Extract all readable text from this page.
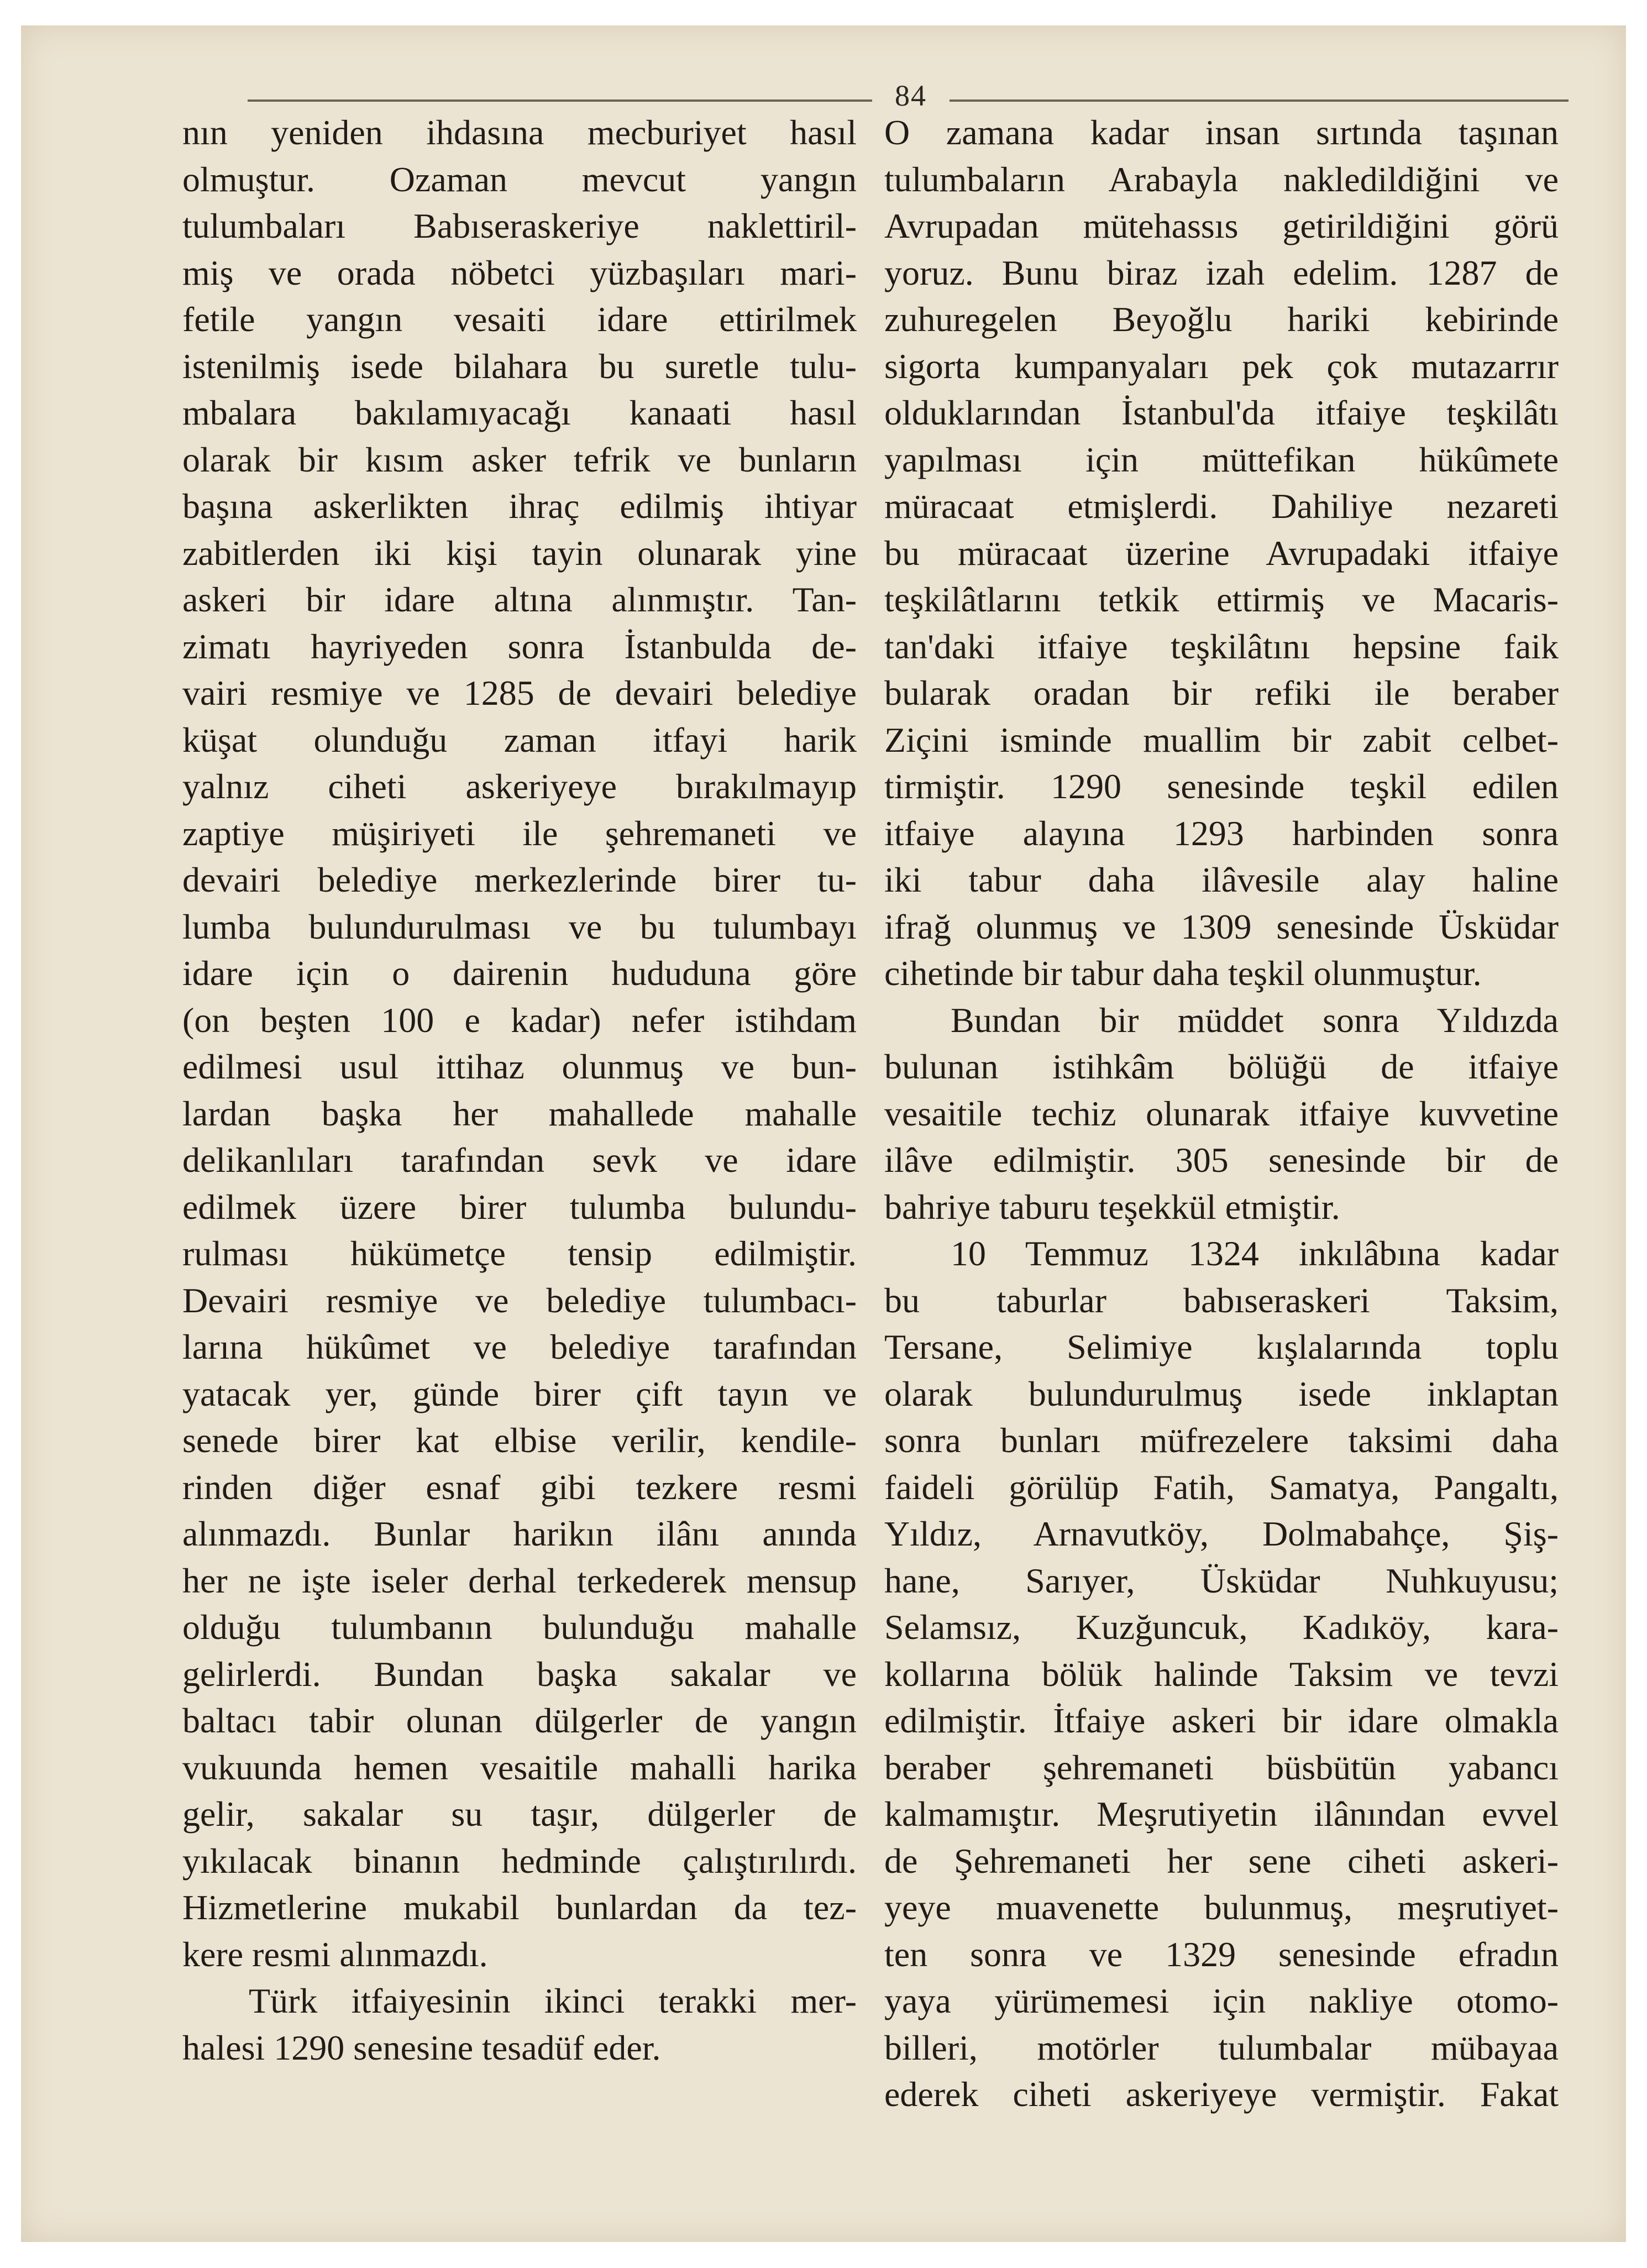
84
nın yeniden ihdasına mecburiyet hasıl
olmuştur. Ozaman mevcut yangın
tulumbaları Babıseraskeriye naklettiril-
miş ve orada nöbetci yüzbaşıları mari-
fetile yangın vesaiti idare ettirilmek
istenilmiş isede bilahara bu suretle tulu-
mbalara bakılamıyacağı kanaati hasıl
olarak bir kısım asker tefrik ve bunların
başına askerlikten ihraç edilmiş ihtiyar
zabitlerden iki kişi tayin olunarak yine
askeri bir idare altına alınmıştır. Tan-
zimatı hayriyeden sonra İstanbulda de-
vairi resmiye ve 1285 de devairi belediye
küşat olunduğu zaman itfayi harik
yalnız ciheti askeriyeye bırakılmayıp
zaptiye müşiriyeti ile şehremaneti ve
devairi belediye merkezlerinde birer tu-
lumba bulundurulması ve bu tulumbayı
idare için o dairenin hududuna göre
(on beşten 100 e kadar) nefer istihdam
edilmesi usul ittihaz olunmuş ve bun-
lardan başka her mahallede mahalle
delikanlıları tarafından sevk ve idare
edilmek üzere birer tulumba bulundu-
rulması hükümetçe tensip edilmiştir.
Devairi resmiye ve belediye tulumbacı-
larına hükûmet ve belediye tarafından
yatacak yer, günde birer çift tayın ve
senede birer kat elbise verilir, kendile-
rinden diğer esnaf gibi tezkere resmi
alınmazdı. Bunlar harikın ilânı anında
her ne işte iseler derhal terkederek mensup
olduğu tulumbanın bulunduğu mahalle
gelirlerdi. Bundan başka sakalar ve
baltacı tabir olunan dülgerler de yangın
vukuunda hemen vesaitile mahalli harika
gelir, sakalar su taşır, dülgerler de
yıkılacak binanın hedminde çalıştırılırdı.
Hizmetlerine mukabil bunlardan da tez-
kere resmi alınmazdı.
Türk itfaiyesinin ikinci terakki mer-
halesi 1290 senesine tesadüf eder.
O zamana kadar insan sırtında taşınan
tulumbaların Arabayla nakledildiğini ve
Avrupadan mütehassıs getirildiğini görü
yoruz. Bunu biraz izah edelim. 1287 de
zuhuregelen Beyoğlu hariki kebirinde
sigorta kumpanyaları pek çok mutazarrır
olduklarından İstanbul'da itfaiye teşkilâtı
yapılması için müttefikan hükûmete
müracaat etmişlerdi. Dahiliye nezareti
bu müracaat üzerine Avrupadaki itfaiye
teşkilâtlarını tetkik ettirmiş ve Macaris-
tan'daki itfaiye teşkilâtını hepsine faik
bularak oradan bir refiki ile beraber
Ziçini isminde muallim bir zabit celbet-
tirmiştir. 1290 senesinde teşkil edilen
itfaiye alayına 1293 harbinden sonra
iki tabur daha ilâvesile alay haline
ifrağ olunmuş ve 1309 senesinde Üsküdar
cihetinde bir tabur daha teşkil olunmuştur.
Bundan bir müddet sonra Yıldızda
bulunan istihkâm bölüğü de itfaiye
vesaitile techiz olunarak itfaiye kuvvetine
ilâve edilmiştir. 305 senesinde bir de
bahriye taburu teşekkül etmiştir.
10 Temmuz 1324 inkılâbına kadar
bu taburlar babıseraskeri Taksim,
Tersane, Selimiye kışlalarında toplu
olarak bulundurulmuş isede inklaptan
sonra bunları müfrezelere taksimi daha
faideli görülüp Fatih, Samatya, Pangaltı,
Yıldız, Arnavutköy, Dolmabahçe, Şiş-
hane, Sarıyer, Üsküdar Nuhkuyusu;
Selamsız, Kuzğuncuk, Kadıköy, kara-
kollarına bölük halinde Taksim ve tevzi
edilmiştir. İtfaiye askeri bir idare olmakla
beraber şehremaneti büsbütün yabancı
kalmamıştır. Meşrutiyetin ilânından evvel
de Şehremaneti her sene ciheti askeri-
yeye muavenette bulunmuş, meşrutiyet-
ten sonra ve 1329 senesinde efradın
yaya yürümemesi için nakliye otomo-
billeri, motörler tulumbalar mübayaa
ederek ciheti askeriyeye vermiştir. Fakat
